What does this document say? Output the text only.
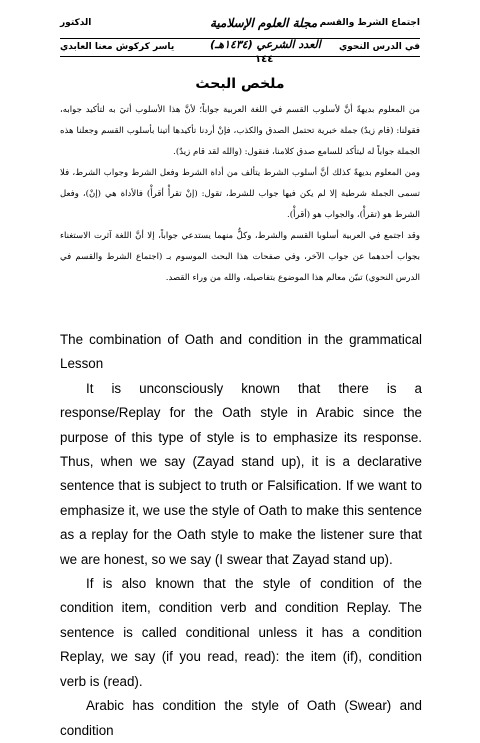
الدكتور	مجلة العلوم الإسلامية اجتماع الشرط والقسم
ياسر كركوش معنا العابدي	العدد الشرعي (١٤٣٤هـ)
١٤٤
في الدرس النحوي
ملخص البحث

من المعلوم بديهةً أنَّ لأسلوب القسم في اللغة العربية جواباً؛ لأنَّ هذا الأسلوب أتيَ به لتأكيد جوابه، فقولنا: (قام زيدٌ) جملة خبرية تحتمل الصدق والكذب، فإنْ أردنا تأكيدها أتينا بأسلوب القسم وجعلنا هذه الجملة جواباً له ليتأكد للسامع صدق كلامنا، فنقول: (والله لقد قام زيدٌ).

ومن المعلوم بديهةً كذلك أنَّ أسلوب الشرط يتألف من أداة الشرط وفعل الشرط وجواب الشرط، فلا تسمى الجملة شرطية إلا لم يكن فيها جواب للشرط، تقول: (إنْ تقرأْ أقرأْ) فالأداة هي (إنْ)، وفعل الشرط هو (تقرأْ)، والجواب هو (أقرأْ).

وقد اجتمع في العربية أسلوبا القسم والشرط، وكلٌّ منهما يستدعي جواباً، إلا أنَّ اللغة آثرت الاستغناء بجواب أحدهما عن جواب الآخر، وفي صفحات هذا البحث الموسوم بـ (اجتماع الشرط والقسم في الدرس النحوي) تبيّن معالم هذا الموضوع بتفاصيله، والله من وراء القصد.

The combination of Oath and condition in the grammatical Lesson

It is unconsciously known that there is a response/Replay for the Oath style in Arabic since the purpose of this type of style is to emphasize its response. Thus, when we say (Zayad stand up), it is a declarative sentence that is subject to truth or Falsification. If we want to emphasize it, we use the style of Oath to make this sentence as a replay for the Oath style to make the listener sure that we are honest, so we say (I swear that Zayad stand up).

If is also known that the style of condition of the condition item, condition verb and condition Replay. The sentence is called conditional unless it has a condition Replay, we say (if you read, read): the item (if), condition verb is (read).

Arabic has condition the style of Oath (Swear) and condition
